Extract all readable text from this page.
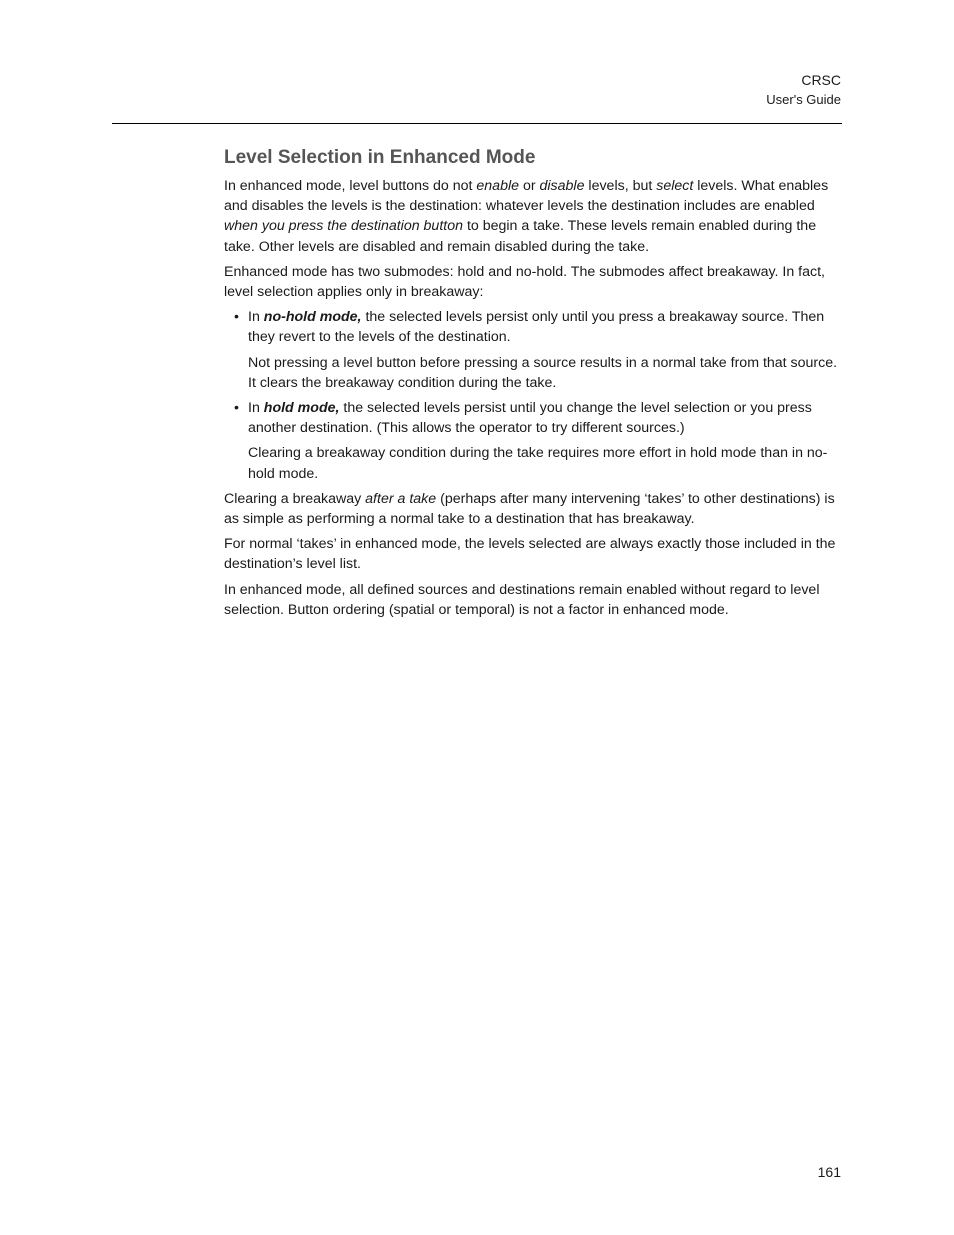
CRSC
User's Guide
Level Selection in Enhanced Mode

In enhanced mode, level buttons do not enable or disable levels, but select levels. What enables and disables the levels is the destination: whatever levels the destination includes are enabled when you press the destination button to begin a take. These levels remain enabled during the take. Other levels are disabled and remain disabled during the take.

Enhanced mode has two submodes: hold and no-hold. The submodes affect breakaway. In fact, level selection applies only in breakaway:

• In no-hold mode, the selected levels persist only until you press a breakaway source. Then they revert to the levels of the destination.

Not pressing a level button before pressing a source results in a normal take from that source. It clears the breakaway condition during the take.

• In hold mode, the selected levels persist until you change the level selection or you press another destination. (This allows the operator to try different sources.)

Clearing a breakaway condition during the take requires more effort in hold mode than in no-hold mode.

Clearing a breakaway after a take (perhaps after many intervening ‘takes’ to other destinations) is as simple as performing a normal take to a destination that has breakaway.

For normal ‘takes’ in enhanced mode, the levels selected are always exactly those included in the destination’s level list.

In enhanced mode, all defined sources and destinations remain enabled without regard to level selection. Button ordering (spatial or temporal) is not a factor in enhanced mode.

161
